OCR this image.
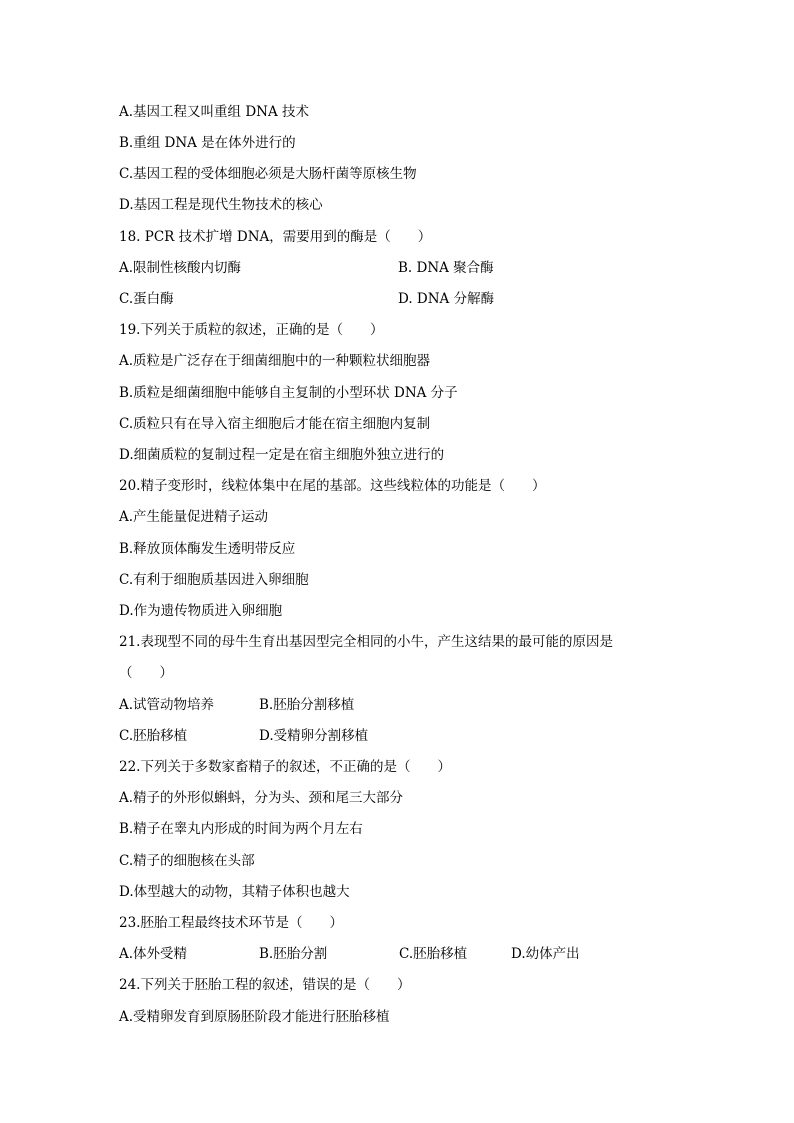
A.基因工程又叫重组 DNA 技术
B.重组 DNA 是在体外进行的
C.基因工程的受体细胞必须是大肠杆菌等原核生物
D.基因工程是现代生物技术的核心
18. PCR 技术扩增 DNA，需要用到的酶是（　　）
A.限制性核酸内切酶	B. DNA 聚合酶
C.蛋白酶	D. DNA 分解酶
19.下列关于质粒的叙述，正确的是（　　）
A.质粒是广泛存在于细菌细胞中的一种颗粒状细胞器
B.质粒是细菌细胞中能够自主复制的小型环状 DNA 分子
C.质粒只有在导入宿主细胞后才能在宿主细胞内复制
D.细菌质粒的复制过程一定是在宿主细胞外独立进行的
20.精子变形时，线粒体集中在尾的基部。这些线粒体的功能是（　　）
A.产生能量促进精子运动
B.释放顶体酶发生透明带反应
C.有利于细胞质基因进入卵细胞
D.作为遗传物质进入卵细胞
21.表现型不同的母牛生育出基因型完全相同的小牛，产生这结果的最可能的原因是
（　　）
A.试管动物培养	B.胚胎分割移植
C.胚胎移植	D.受精卵分割移植
22.下列关于多数家畜精子的叙述，不正确的是（　　）
A.精子的外形似蝌蚪，分为头、颈和尾三大部分
B.精子在睾丸内形成的时间为两个月左右
C.精子的细胞核在头部
D.体型越大的动物，其精子体积也越大
23.胚胎工程最终技术环节是（　　）
A.体外受精	B.胚胎分割	C.胚胎移植	D.幼体产出
24.下列关于胚胎工程的叙述，错误的是（　　）
A.受精卵发育到原肠胚阶段才能进行胚胎移植
